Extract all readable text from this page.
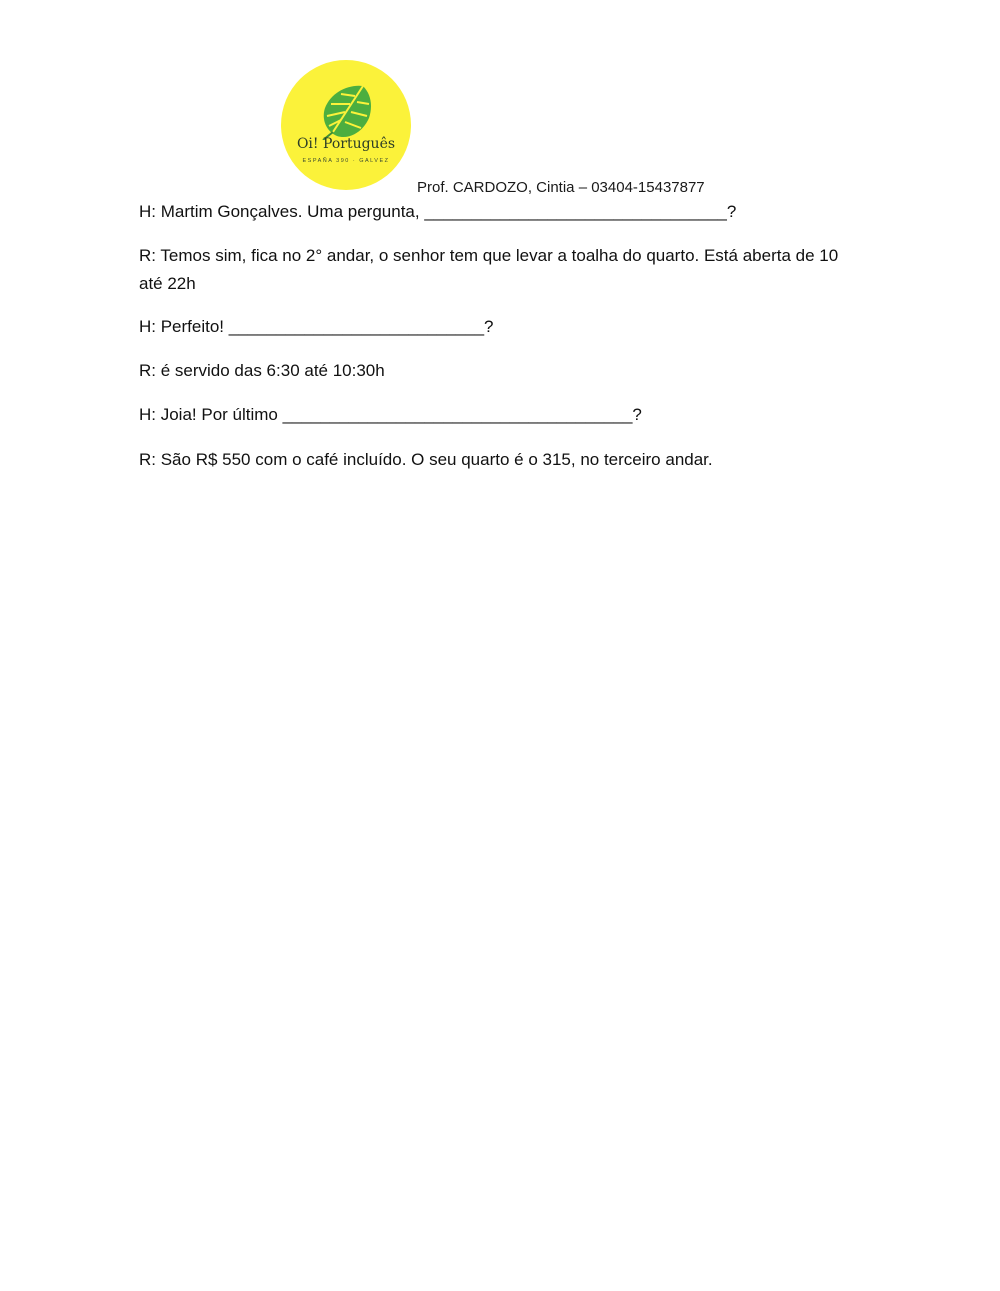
Oi! Português
ESPAÑA 390 · GALVEZ
Prof. CARDOZO, Cintia – 03404-15437877
H: Martim Gonçalves. Uma pergunta, ________________________________?
R: Temos sim, fica no 2° andar, o senhor tem que levar a toalha do quarto. Está aberta de 10 até 22h
H: Perfeito! ___________________________?
R: é servido das 6:30 até 10:30h
H: Joia! Por último _____________________________________?
R: São R$ 550 com o café incluído. O seu quarto é o 315, no terceiro andar.
